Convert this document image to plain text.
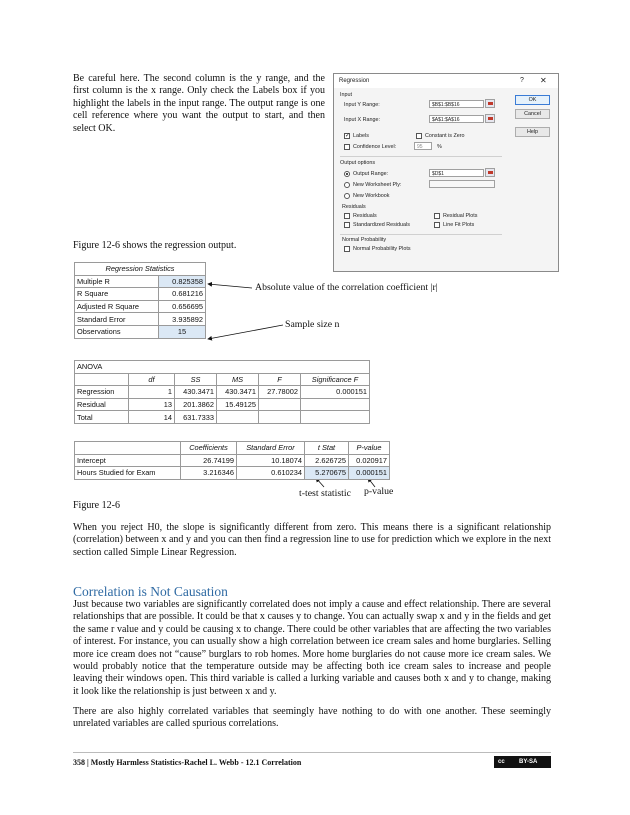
Be careful here. The second column is the y range, and the first column is the x range. Only check the Labels box if you highlight the labels in the input range. The output range is one cell reference where you want the output to start, and then select OK.
Regression	? ✕
Input
Input Y Range:	$B$1:$B$16
Input X Range:	$A$1:$A$16
✓
Labels	Constant is Zero
Confidence Level:	95	%
Output options
Output Range:	$D$1
New Worksheet Ply:
New Workbook
Residuals
Residuals	Residual Plots
Standardized Residuals	Line Fit Plots
Normal Probability
Normal Probability Plots
OK
Cancel
Help
Figure 12-6 shows the regression output.
Regression Statistics	
Multiple R	0.825358
R Square	0.681216
Adjusted R Square	0.656695
Standard Error	3.935892
Observations	15
Absolute value of the correlation coefficient |r|
Sample size n
ANOVA					
	df	SS	MS	F	Significance F
Regression	1	430.3471	430.3471	27.78002	0.000151
Residual	13	201.3862	15.49125		
Total	14	631.7333			
	Coefficients	Standard Error	t Stat	P-value
Intercept	26.74199	10.18074	2.626725	0.020917
Hours Studied for Exam	3.216346	0.610234	5.270675	0.000151
t-test statistic p-value
Figure 12-6
When you reject H0, the slope is significantly different from zero. This means there is a significant relationship (correlation) between x and y and you can then find a regression line to use for prediction which we explore in the next section called Simple Linear Regression.
Correlation is Not Causation
Just because two variables are significantly correlated does not imply a cause and effect relationship. There are several relationships that are possible. It could be that x causes y to change. You can actually swap x and y in the fields and get the same r value and y could be causing x to change. There could be other variables that are affecting the two variables of interest. For instance, you can usually show a high correlation between ice cream sales and home burglaries. Selling more ice cream does not “cause” burglars to rob homes. More home burglaries do not cause more ice cream sales. We would probably notice that the temperature outside may be affecting both ice cream sales to increase and people leaving their windows open. This third variable is called a lurking variable and causes both x and y to change, making it look like the relationship is just between x and y.
There are also highly correlated variables that seemingly have nothing to do with one another. These seemingly unrelated variables are called spurious correlations.
358 | Mostly Harmless Statistics-Rachel L. Webb - 12.1 Correlation	cc BY-SA
